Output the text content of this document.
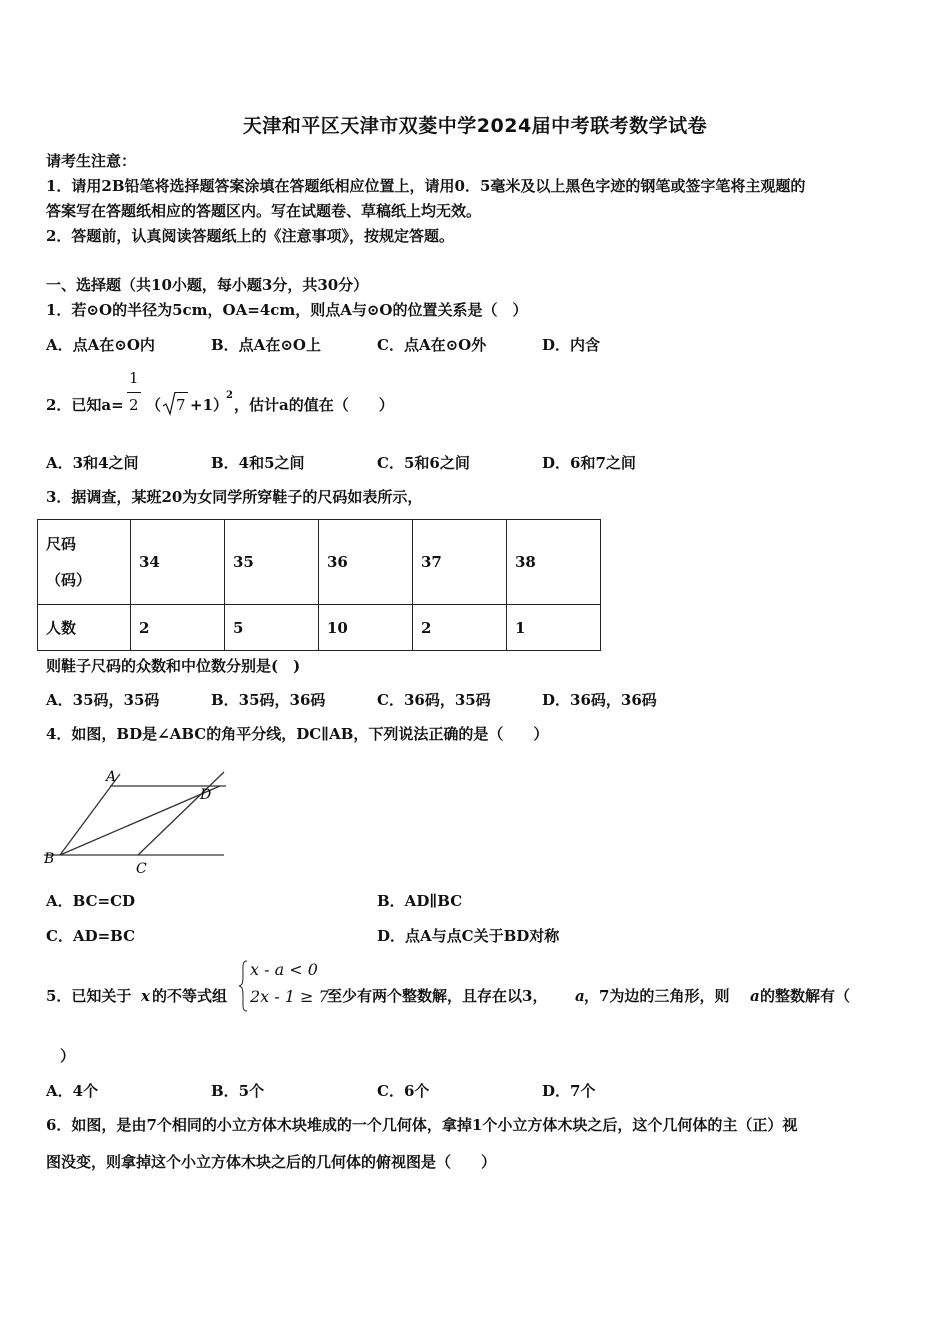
天津和平区天津市双菱中学2024届中考联考数学试卷
请考生注意：
1．请用2B铅笔将选择题答案涂填在答题纸相应位置上，请用0．5毫米及以上黑色字迹的钢笔或签字笔将主观题的
答案写在答题纸相应的答题区内。写在试题卷、草稿纸上均无效。
2．答题前，认真阅读答题纸上的《注意事项》，按规定答题。
一、选择题（共10小题，每小题3分，共30分）
1．若⊙O的半径为5cm，OA=4cm，则点A与⊙O的位置关系是（　）
A．点A在⊙O内	B．点A在⊙O上	C．点A在⊙O外	D．内含
2．已知a=
1
2 （ 7 +1）
2
，估计a的值在（　　）
A．3和4之间	B．4和5之间	C．5和6之间	D．6和7之间
3．据调查，某班20为女同学所穿鞋子的尺码如表所示，
尺码
（码）	34	35	36	37	38
人数	2	5	10	2	1
则鞋子尺码的众数和中位数分别是(　)
A．35码，35码	B．35码，36码	C．36码，35码	D．36码，36码
4．如图，BD是∠ABC的角平分线，DC∥AB，下列说法正确的是（　　）
A
B
C
D
A．BC=CD	B．AD∥BC
C．AD=BC	D．点A与点C关于BD对称
5．已知关于 x 的不等式组
x - a < 0
2x - 1 ≥ 7
至少有两个整数解，且存在以3， a ，7为边的三角形，则 a 的整数解有（
）
A．4个	B．5个	C．6个	D．7个
6．如图，是由7个相同的小立方体木块堆成的一个几何体，拿掉1个小立方体木块之后，这个几何体的主（正）视
图没变，则拿掉这个小立方体木块之后的几何体的俯视图是（　　）
